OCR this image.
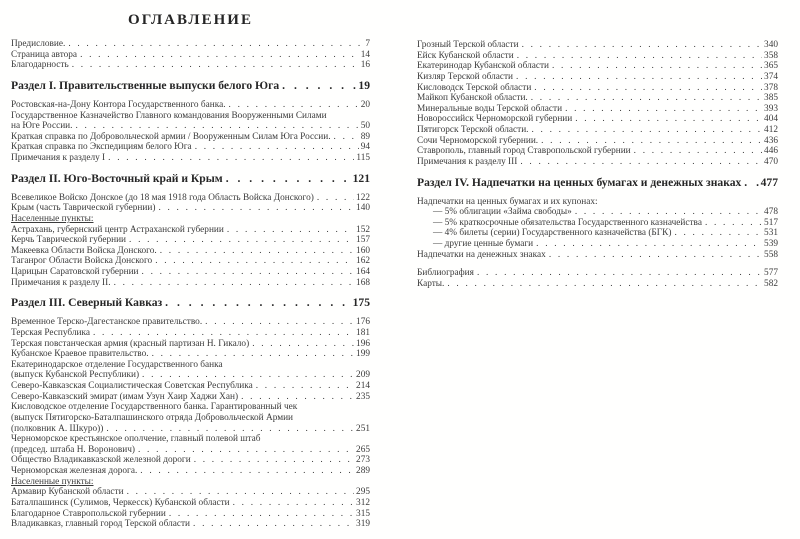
ОГЛАВЛЕНИЕ
Предисловие. . . .	7
Страница автора . . .	14
Благодарность . . .	16
Раздел I. Правительственные выпуски белого Юга . . .	19
Ростовская-на-Дону Контора Государственного банка. . . .	20
Государственное Казначейство Главного командования Вооруженными Силами
на Юге России. . . .	50
Краткая справка по Добровольческой армии / Вооруженным Силам Юга России. . . .	89
Краткая справка по Экспедициям белого Юга . . .	94
Примечания к разделу I . . .	115
Раздел II. Юго-Восточный край и Крым . . .	121
Всевеликое Войско Донское (до 18 мая 1918 года Область Войска Донского) . . .	122
Крым (часть Таврической губернии) . . .	140
Населенные пункты:
Астрахань, губернский центр Астраханской губернии . . .	152
Керчь Таврической губернии . . .	157
Макеевка Области Войска Донского. . . .	160
Таганрог Области Войска Донского . . .	162
Царицын Саратовской губернии . . .	164
Примечания к разделу II. . . .	168
Раздел III. Северный Кавказ . . .	175
Временное Терско-Дагестанское правительство. . . .	176
Терская Республика . . .	181
Терская повстанческая армия (красный партизан Н. Гикало) . . .	196
Кубанское Краевое правительство. . . .	199
Екатеринодарское отделение Государственного банка
(выпуск Кубанской Республики) . . .	209
Северо-Кавказская Социалистическая Советская Республика . . .	214
Северо-Кавказский эмират (имам Узун Хаир Хаджи Хан) . . .	235
Кисловодское отделение Государственного банка. Гарантированный чек
(выпуск Пятигорско-Баталпашинского отряда Добровольческой Армии
(полковник А. Шкуро)) . . .	251
Черноморское крестьянское ополчение, главный полевой штаб
(председ. штаба Н. Воронович) . . .	265
Общество Владикавказской железной дороги . . .	273
Черноморская железная дорога. . . .	289
Населенные пункты:
Армавир Кубанской области . . .	295
Баталпашинск (Сулимов, Черкесск) Кубанской области . . .	312
Благодарное Ставропольской губернии . . .	315
Владикавказ, главный город Терской области . . .	319
Грозный Терской области . . .	340
Ейск Кубанской области . . .	358
Екатеринодар Кубанской области . . .	365
Кизляр Терской области . . .	374
Кисловодск Терской области . . .	378
Майкоп Кубанской области. . . .	385
Минеральные воды Терской области . . .	393
Новороссийск Черноморской губернии . . .	404
Пятигорск Терской области. . . .	412
Сочи Черноморской губернии. . . .	436
Ставрополь, главный город Ставропольской губернии . . .	446
Примечания к разделу III . . .	470
Раздел IV. Надпечатки на ценных бумагах и денежных знаках . . . 477
Надпечатки на ценных бумагах и их купонах:
— 5% облигации «Займа свободы» . . .	478
— 5% краткосрочные обязательства Государственного казначейства . . .	517
— 4% билеты (серии) Государственного казначейства (БГК) . . .	531
— другие ценные бумаги . . .	539
Надпечатки на денежных знаках . . .	558
Библиография . . .	577
Карты. . . .	582
